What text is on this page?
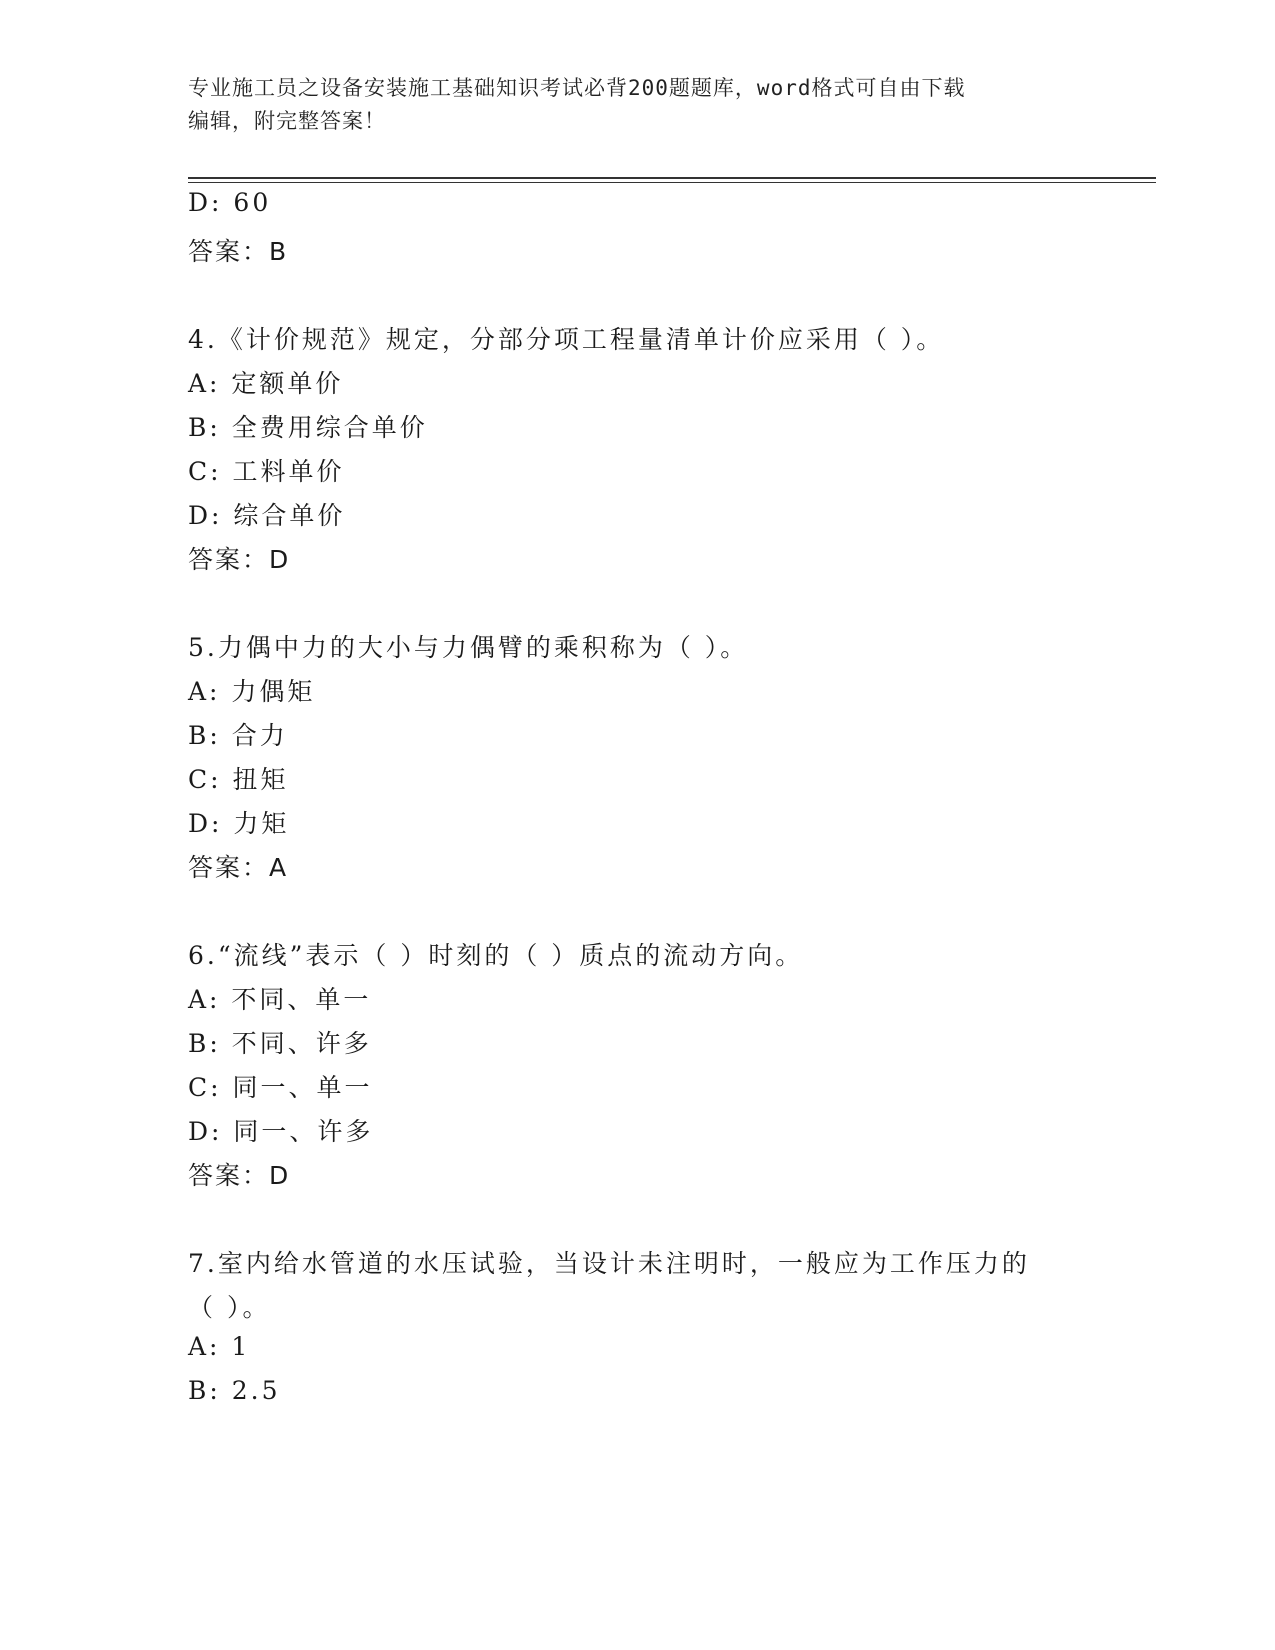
专业施工员之设备安装施工基础知识考试必背200题题库，word格式可自由下载
编辑，附完整答案！
D: 60
答案：B
4.《计价规范》规定，分部分项工程量清单计价应采用（ ）。
A: 定额单价
B: 全费用综合单价
C: 工料单价
D: 综合单价
答案：D
5.力偶中力的大小与力偶臂的乘积称为（ ）。
A: 力偶矩
B: 合力
C: 扭矩
D: 力矩
答案：A
6.“流线”表示（ ）时刻的（ ）质点的流动方向。
A: 不同、单一
B: 不同、许多
C: 同一、单一
D: 同一、许多
答案：D
7.室内给水管道的水压试验，当设计未注明时，一般应为工作压力的
（ ）。
A: 1
B: 2.5
